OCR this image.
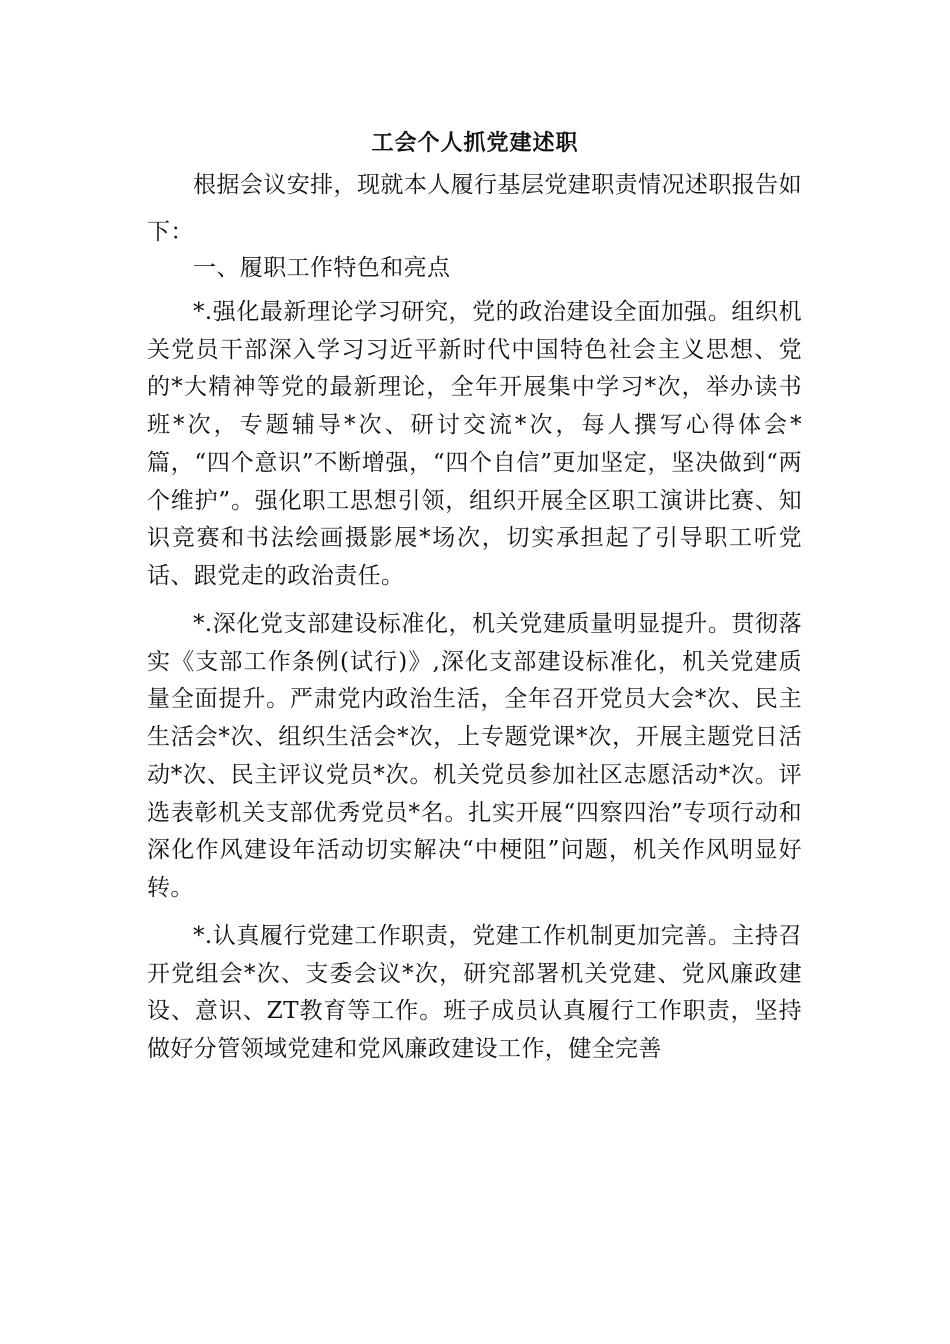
工会个人抓党建述职

根据会议安排，现就本人履行基层党建职责情况述职报告如下：

一、履职工作特色和亮点

*.强化最新理论学习研究，党的政治建设全面加强。组织机关党员干部深入学习习近平新时代中国特色社会主义思想、党的*大精神等党的最新理论，全年开展集中学习*次，举办读书班*次，专题辅导*次、研讨交流*次，每人撰写心得体会*篇，“四个意识”不断增强，“四个自信”更加坚定，坚决做到“两个维护”。强化职工思想引领，组织开展全区职工演讲比赛、知识竞赛和书法绘画摄影展*场次，切实承担起了引导职工听党话、跟党走的政治责任。

*.深化党支部建设标准化，机关党建质量明显提升。贯彻落实《支部工作条例(试行)》,深化支部建设标准化，机关党建质量全面提升。严肃党内政治生活，全年召开党员大会*次、民主生活会*次、组织生活会*次，上专题党课*次，开展主题党日活动*次、民主评议党员*次。机关党员参加社区志愿活动*次。评选表彰机关支部优秀党员*名。扎实开展“四察四治”专项行动和深化作风建设年活动切实解决“中梗阻”问题，机关作风明显好转。

*.认真履行党建工作职责，党建工作机制更加完善。主持召开党组会*次、支委会议*次，研究部署机关党建、党风廉政建设、意识、ZT教育等工作。班子成员认真履行工作职责，坚持做好分管领域党建和党风廉政建设工作，健全完善
